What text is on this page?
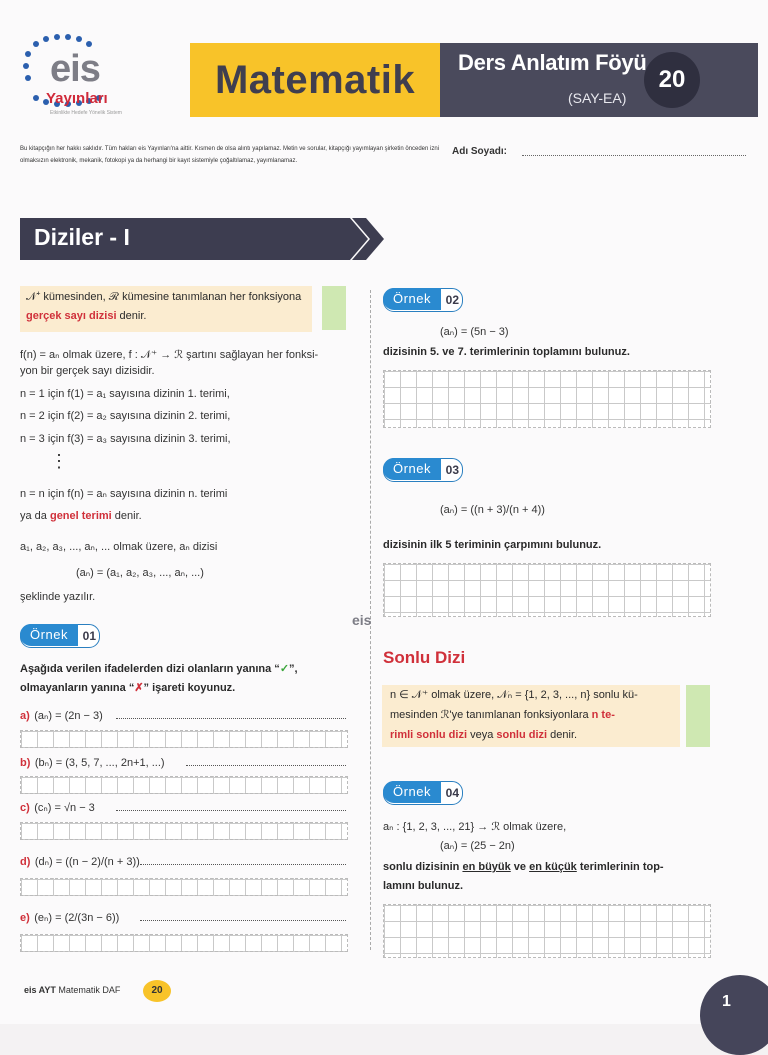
eis
Yayınları
Etkinlikte Hedefe Yönelik Sistem
Matematik	Ders Anlatım Föyü
(SAY-EA)
20
Bu kitapçığın her hakkı saklıdır. Tüm hakları eis Yayınları'na aittir. Kısmen de olsa alıntı yapılamaz. Metin ve sorular, kitapçığı yayımlayan şirketin önceden izni olmaksızın elektronik, mekanik, fotokopi ya da herhangi bir kayıt sistemiyle çoğaltılamaz, yayımlanamaz.
Adı Soyadı:
Diziler - I
𝒩⁺ kümesinden, ℛ kümesine tanımlanan her fonksiyona gerçek sayı dizisi denir.
f(n) = aₙ olmak üzere, f : 𝒩⁺ → ℛ şartını sağlayan her fonksi-
yon bir gerçek sayı dizisidir.
n = 1 için f(1) = a₁ sayısına dizinin 1. terimi,
n = 2 için f(2) = a₂ sayısına dizinin 2. terimi,
n = 3 için f(3) = a₃ sayısına dizinin 3. terimi,
⋮
n = n için f(n) = aₙ sayısına dizinin n. terimi
ya da genel terimi denir.
a₁, a₂, a₃, ..., aₙ, ... olmak üzere, aₙ dizisi
(aₙ) = (a₁, a₂, a₃, ..., aₙ, ...)
şeklinde yazılır.
Örnek	01
Aşağıda verilen ifadelerden dizi olanların yanına “✓”,
olmayanların yanına “✗” işareti koyunuz.
a) (aₙ) = (2n − 3)
b) (bₙ) = (3, 5, 7, ..., 2n+1, ...)
c) (cₙ) = √n − 3
d) (dₙ) = ((n − 2)/(n + 3))
e) (eₙ) = (2/(3n − 6))
eis
Örnek	02
(aₙ) = (5n − 3)
dizisinin 5. ve 7. terimlerinin toplamını bulunuz.
Örnek	03
(aₙ) = ((n + 3)/(n + 4))
dizisinin ilk 5 teriminin çarpımını bulunuz.
Sonlu Dizi
n ∈ 𝒩⁺ olmak üzere, 𝒩ₙ = {1, 2, 3, ..., n} sonlu kü-
mesinden ℛ'ye tanımlanan fonksiyonlara n te-
rimli sonlu dizi veya sonlu dizi denir.
Örnek	04
aₙ : {1, 2, 3, ..., 21} → ℛ olmak üzere,
(aₙ) = (25 − 2n)
sonlu dizisinin en büyük ve en küçük terimlerinin top-
lamını bulunuz.
eis AYT Matematik DAF	20
1
